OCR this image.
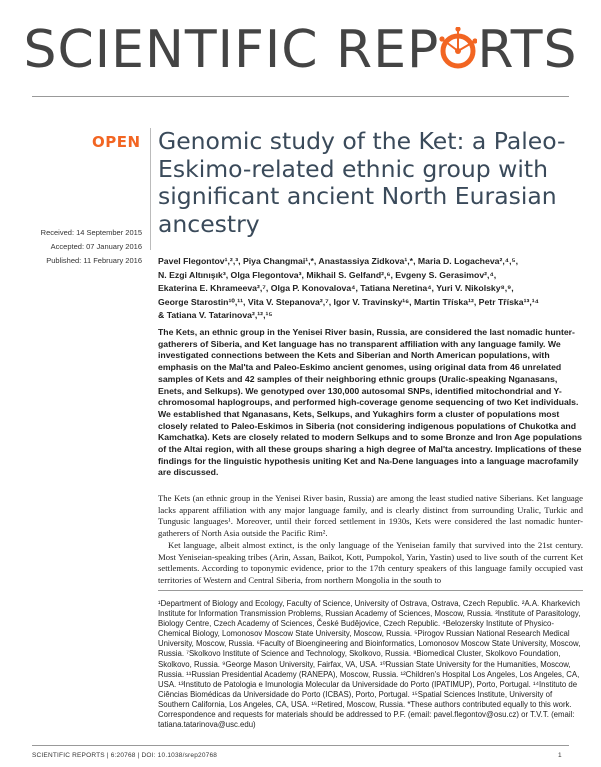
SCIENTIFIC REP RTS
OPEN
Received: 14 September 2015
Accepted: 07 January 2016
Published: 11 February 2016
Genomic study of the Ket: a Paleo-Eskimo-related ethnic group with significant ancient North Eurasian ancestry
Pavel Flegontov¹,²,³, Piya Changmai¹,*, Anastassiya Zidkova¹,*, Maria D. Logacheva²,⁴,⁵,
N. Ezgi Altınışık³, Olga Flegontova³, Mikhail S. Gelfand²,⁶, Evgeny S. Gerasimov²,⁴,
Ekaterina E. Khrameeva²,⁷, Olga P. Konovalova⁴, Tatiana Neretina⁴, Yuri V. Nikolsky⁸,⁹,
George Starostin¹⁰,¹¹, Vita V. Stepanova²,⁷, Igor V. Travinsky¹⁶, Martin Tříska¹², Petr Tříska¹³,¹⁴
& Tatiana V. Tatarinova²,¹²,¹⁵
The Kets, an ethnic group in the Yenisei River basin, Russia, are considered the last nomadic hunter-gatherers of Siberia, and Ket language has no transparent affiliation with any language family. We investigated connections between the Kets and Siberian and North American populations, with emphasis on the Mal'ta and Paleo-Eskimo ancient genomes, using original data from 46 unrelated samples of Kets and 42 samples of their neighboring ethnic groups (Uralic-speaking Nganasans, Enets, and Selkups). We genotyped over 130,000 autosomal SNPs, identified mitochondrial and Y-chromosomal haplogroups, and performed high-coverage genome sequencing of two Ket individuals. We established that Nganasans, Kets, Selkups, and Yukaghirs form a cluster of populations most closely related to Paleo-Eskimos in Siberia (not considering indigenous populations of Chukotka and Kamchatka). Kets are closely related to modern Selkups and to some Bronze and Iron Age populations of the Altai region, with all these groups sharing a high degree of Mal'ta ancestry. Implications of these findings for the linguistic hypothesis uniting Ket and Na-Dene languages into a language macrofamily are discussed.

The Kets (an ethnic group in the Yenisei River basin, Russia) are among the least studied native Siberians. Ket language lacks apparent affiliation with any major language family, and is clearly distinct from surrounding Uralic, Turkic and Tungusic languages¹. Moreover, until their forced settlement in 1930s, Kets were considered the last nomadic hunter-gatherers of North Asia outside the Pacific Rim².

Ket language, albeit almost extinct, is the only language of the Yeniseian family that survived into the 21st century. Most Yeniseian-speaking tribes (Arin, Assan, Baikot, Kott, Pumpokol, Yarin, Yastin) used to live south of the current Ket settlements. According to toponymic evidence, prior to the 17th century speakers of this language family occupied vast territories of Western and Central Siberia, from northern Mongolia in the south to

¹Department of Biology and Ecology, Faculty of Science, University of Ostrava, Ostrava, Czech Republic. ²A.A. Kharkevich Institute for Information Transmission Problems, Russian Academy of Sciences, Moscow, Russia. ³Institute of Parasitology, Biology Centre, Czech Academy of Sciences, České Budějovice, Czech Republic. ⁴Belozersky Institute of Physico-Chemical Biology, Lomonosov Moscow State University, Moscow, Russia. ⁵Pirogov Russian National Research Medical University, Moscow, Russia. ⁶Faculty of Bioengineering and Bioinformatics, Lomonosov Moscow State University, Moscow, Russia. ⁷Skolkovo Institute of Science and Technology, Skolkovo, Russia. ⁸Biomedical Cluster, Skolkovo Foundation, Skolkovo, Russia. ⁹George Mason University, Fairfax, VA, USA. ¹⁰Russian State University for the Humanities, Moscow, Russia. ¹¹Russian Presidential Academy (RANEPA), Moscow, Russia. ¹²Children's Hospital Los Angeles, Los Angeles, CA, USA. ¹³Instituto de Patologia e Imunologia Molecular da Universidade do Porto (IPATIMUP), Porto, Portugal. ¹⁴Instituto de Ciências Biomédicas da Universidade do Porto (ICBAS), Porto, Portugal. ¹⁵Spatial Sciences Institute, University of Southern California, Los Angeles, CA, USA. ¹⁶Retired, Moscow, Russia. *These authors contributed equally to this work. Correspondence and requests for materials should be addressed to P.F. (email: pavel.flegontov@osu.cz) or T.V.T. (email: tatiana.tatarinova@usc.edu)
SCIENTIFIC REPORTS | 6:20768 | DOI: 10.1038/srep20768	1
